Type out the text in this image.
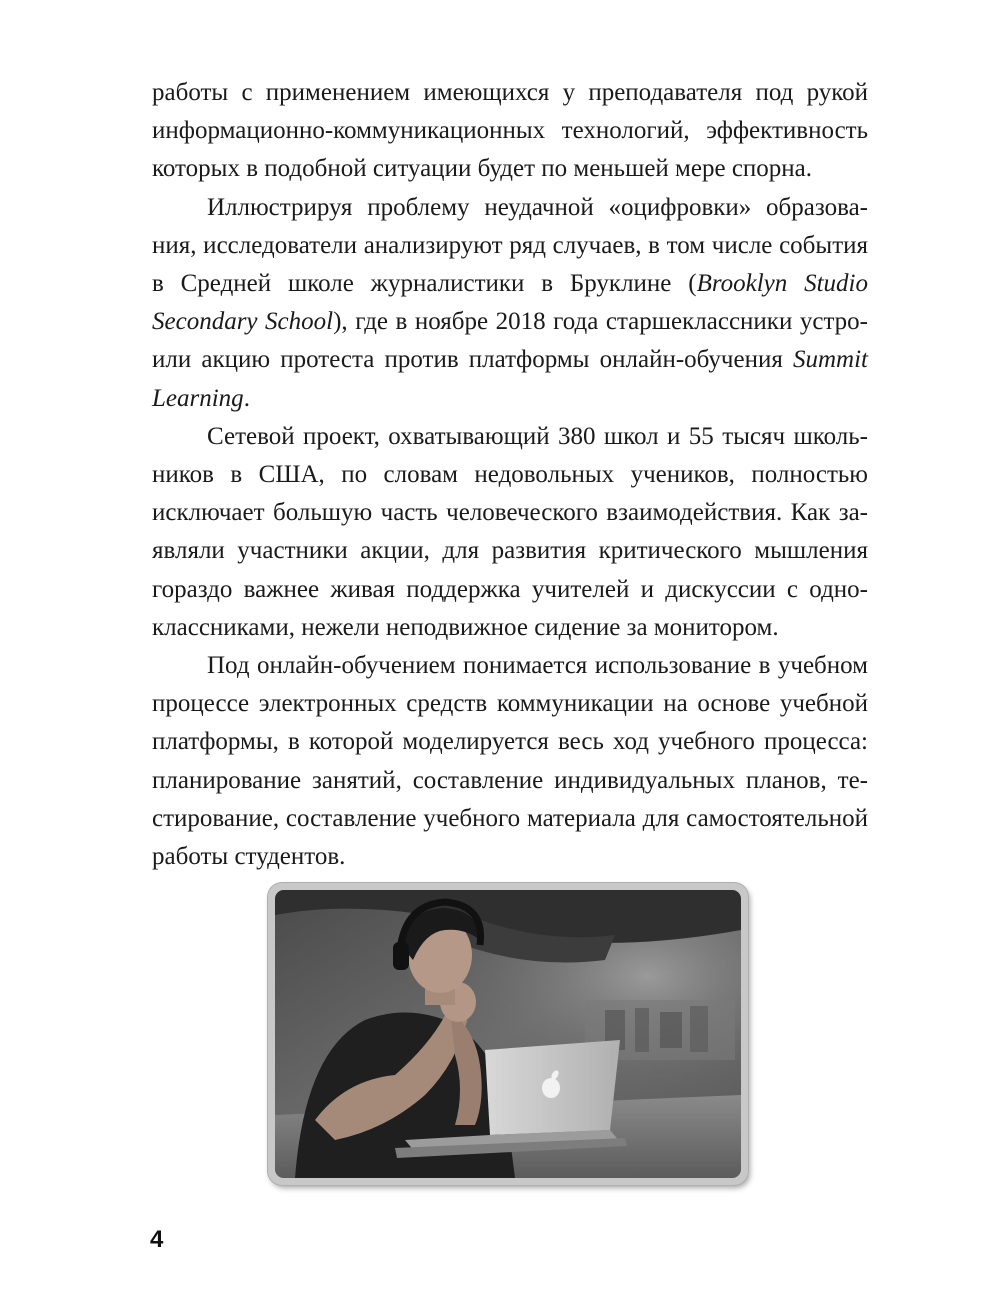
работы с применением имеющихся у преподавателя под рукой информационно-коммуникационных технологий, эффективность которых в подобной ситуации будет по меньшей мере спорна.

Иллюстрируя проблему неудачной «оцифровки» образования, исследователи анализируют ряд случаев, в том числе события в Средней школе журналистики в Бруклине (Brooklyn Studio Secondary School), где в ноябре 2018 года старшеклассники устроили акцию протеста против платформы онлайн-обучения Summit Learning.

Сетевой проект, охватывающий 380 школ и 55 тысяч школьников в США, по словам недовольных учеников, полностью исключает большую часть человеческого взаимодействия. Как заявляли участники акции, для развития критического мышления гораздо важнее живая поддержка учителей и дискуссии с одноклассниками, нежели неподвижное сидение за монитором.

Под онлайн-обучением понимается использование в учебном процессе электронных средств коммуникации на основе учебной платформы, в которой моделируется весь ход учебного процесса: планирование занятий, составление индивидуальных планов, тестирование, составление учебного материала для самостоятельной работы студентов.

4
